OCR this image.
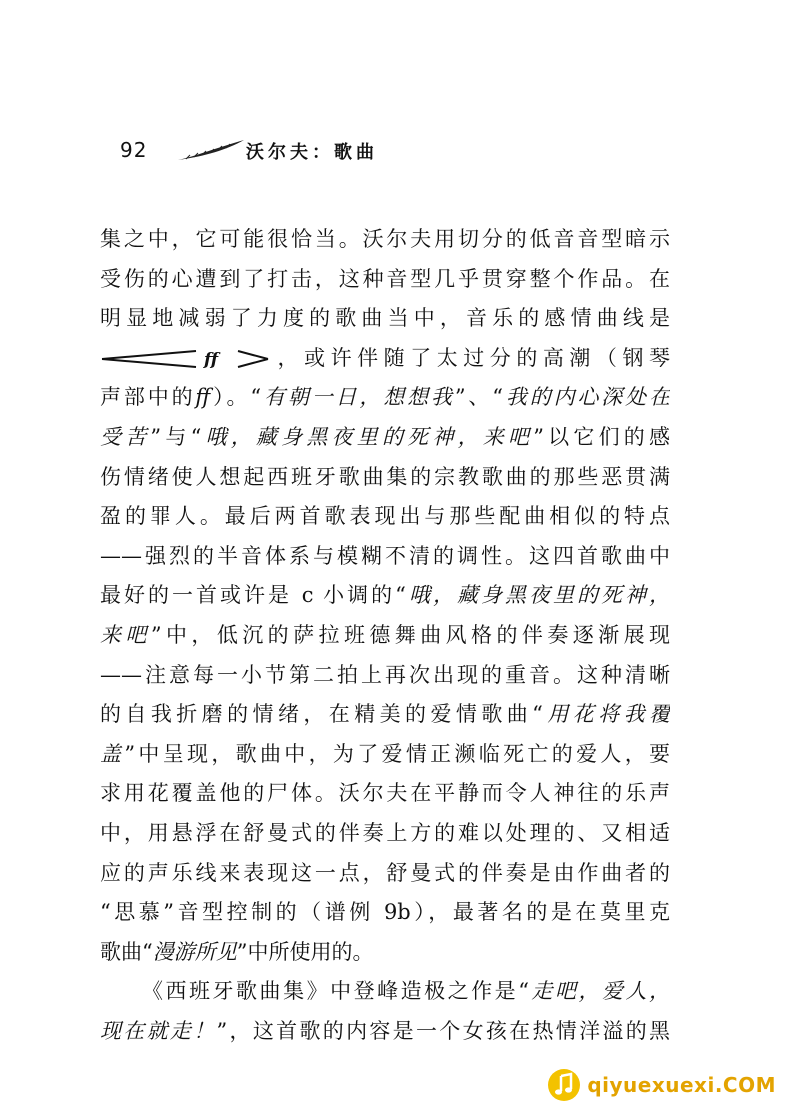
92	沃尔夫：歌曲
集之中，它可能很恰当。沃尔夫用切分的低音音型暗示
受伤的心遭到了打击，这种音型几乎贯穿整个作品。在
明显地减弱了力度的歌曲当中，音乐的感情曲线是
ff	，或许伴随了太过分的高潮（钢琴
声部中的ff）。“有朝一日，想想我”、“我的内心深处在
受苦”与“哦，藏身黑夜里的死神，来吧”以它们的感
伤情绪使人想起西班牙歌曲集的宗教歌曲的那些恶贯满
盈的罪人。最后两首歌表现出与那些配曲相似的特点
——强烈的半音体系与模糊不清的调性。这四首歌曲中
最好的一首或许是 c 小调的“哦，藏身黑夜里的死神，
来吧”中，低沉的萨拉班德舞曲风格的伴奏逐渐展现
——注意每一小节第二拍上再次出现的重音。这种清晰
的自我折磨的情绪，在精美的爱情歌曲“用花将我覆
盖”中呈现，歌曲中，为了爱情正濒临死亡的爱人，要
求用花覆盖他的尸体。沃尔夫在平静而令人神往的乐声
中，用悬浮在舒曼式的伴奏上方的难以处理的、又相适
应的声乐线来表现这一点，舒曼式的伴奏是由作曲者的
“思慕”音型控制的（谱例 9b），最著名的是在莫里克
歌曲“漫游所见”中所使用的。
《西班牙歌曲集》中登峰造极之作是“走吧，爱人，
现在就走！”，这首歌的内容是一个女孩在热情洋溢的黑
qiyuexuexi.COM
